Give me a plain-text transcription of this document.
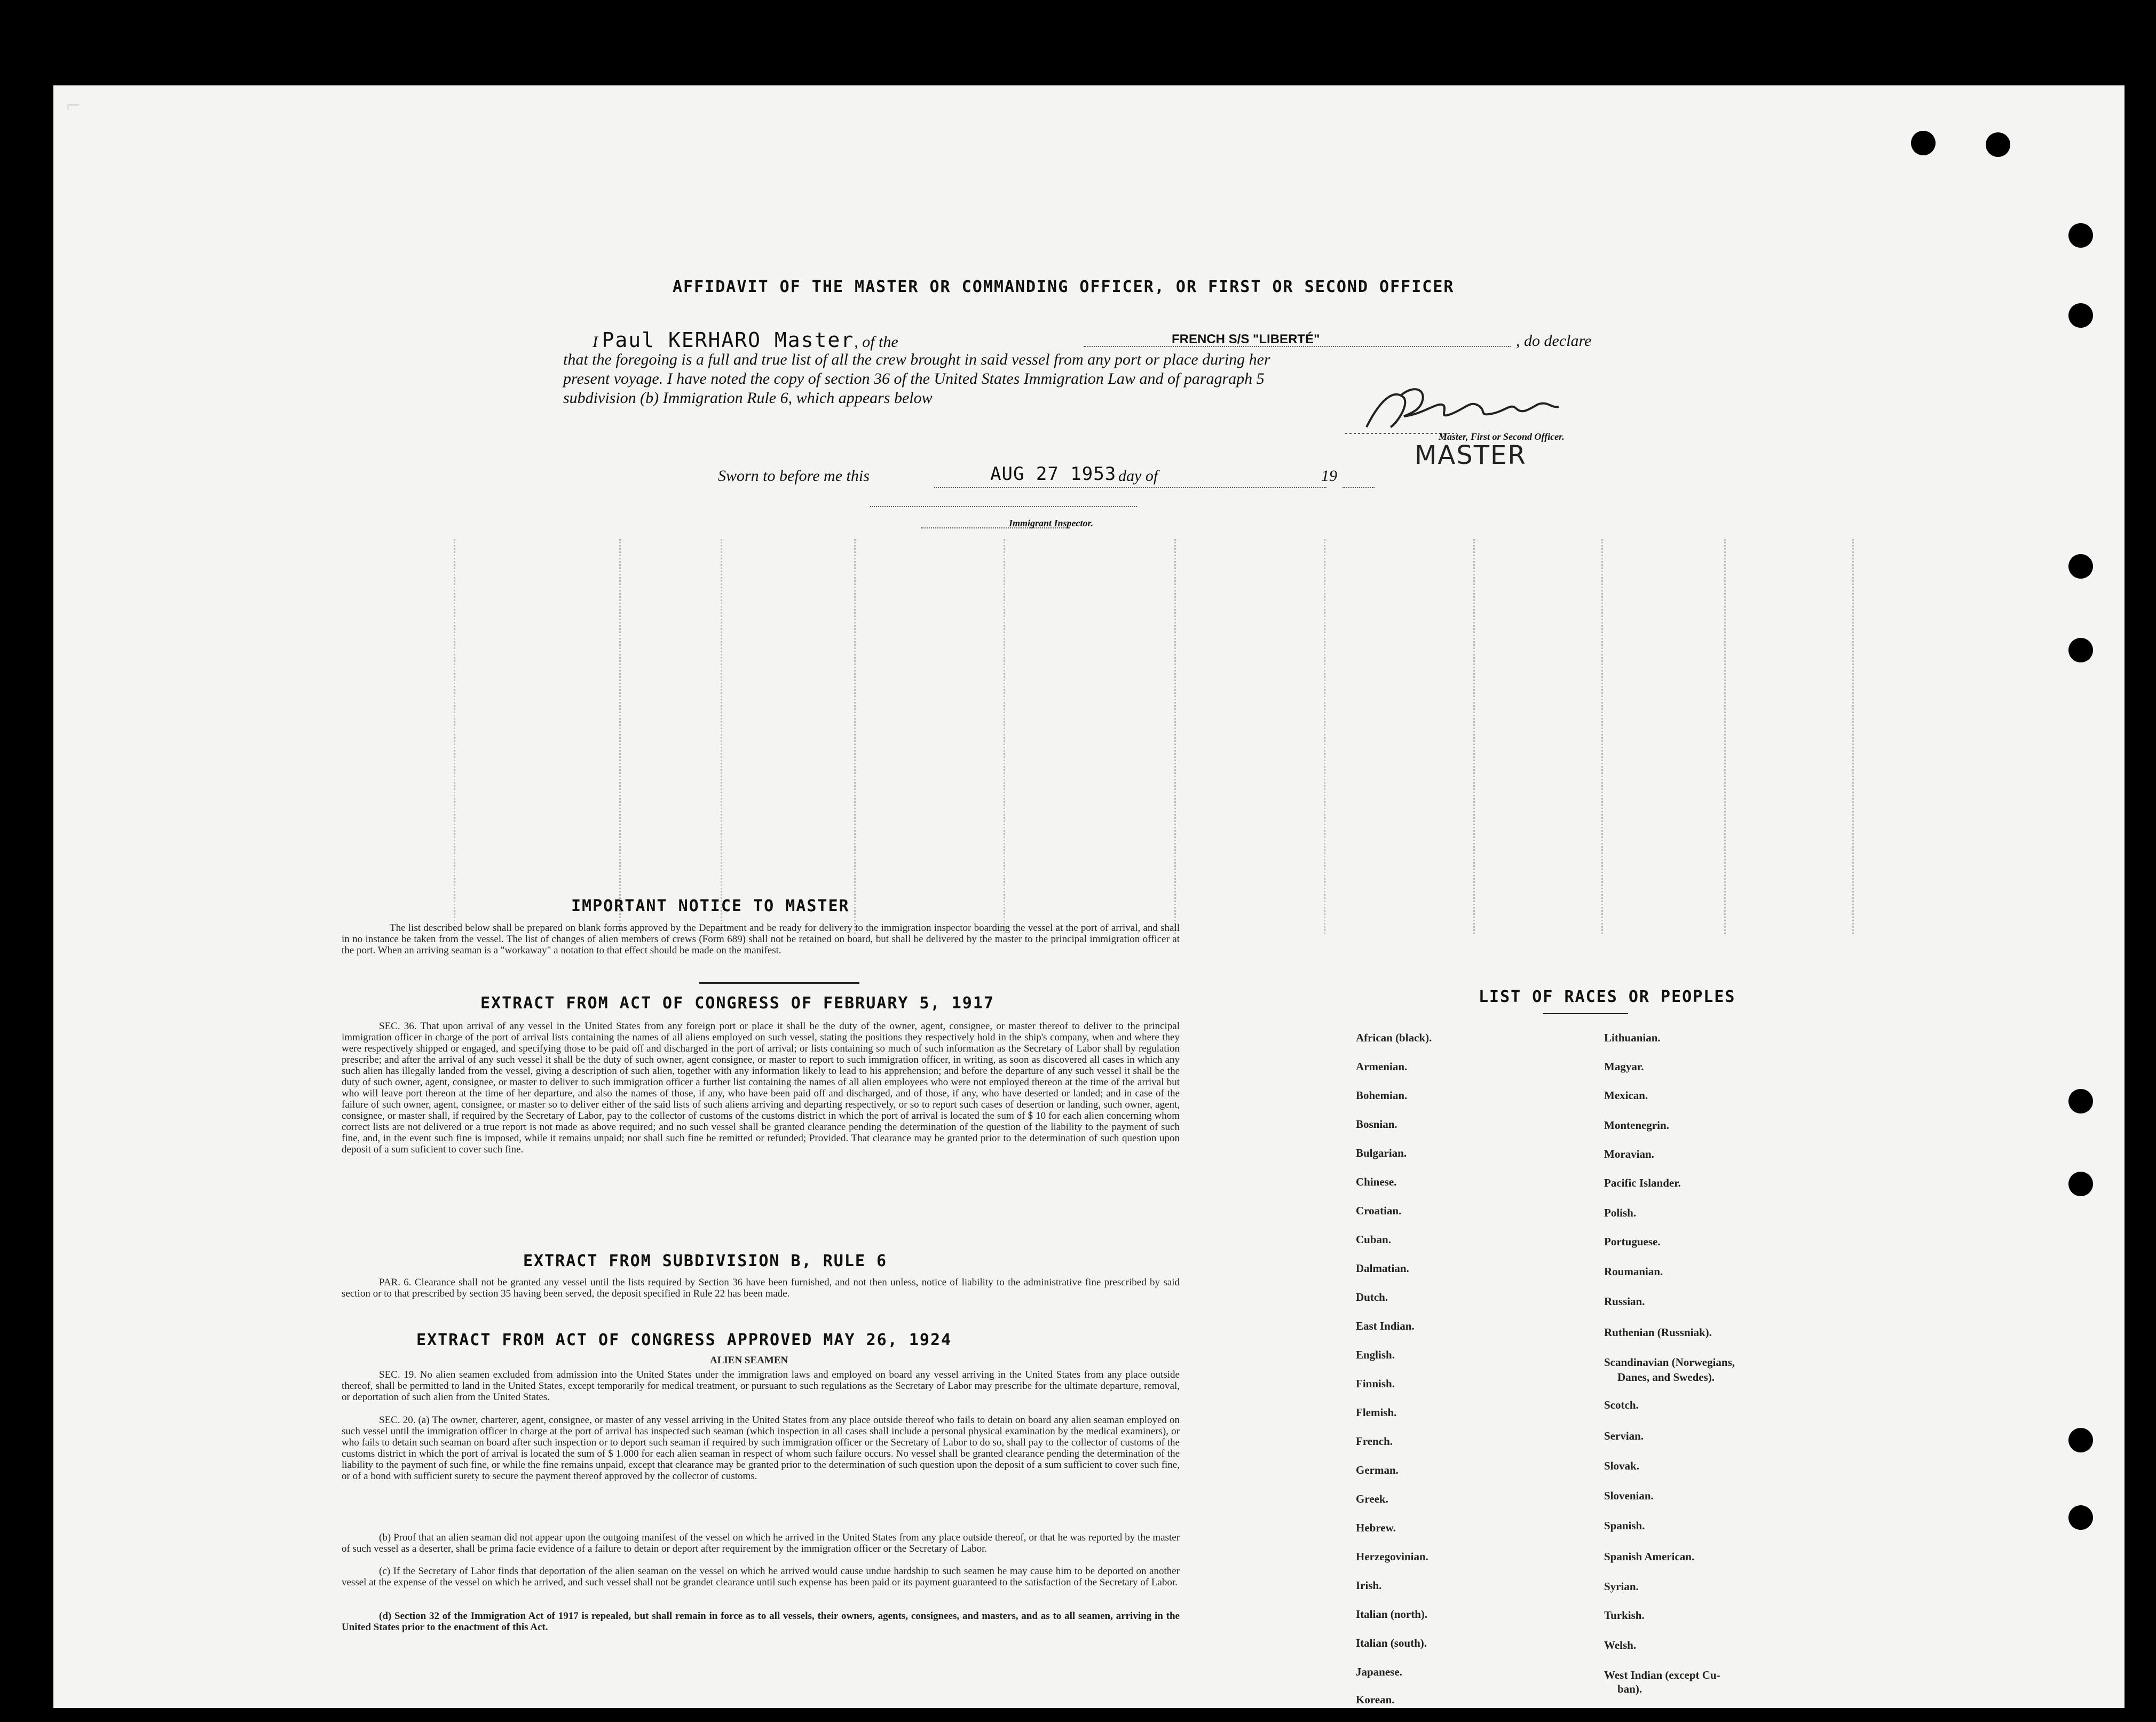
⌐
AFFIDAVIT OF THE MASTER OR COMMANDING OFFICER, OR FIRST OR SECOND OFFICER
I Paul KERHARO Master, of the	FRENCH S/S "LIBERTÉ"	, do declare
that the foregoing is a full and true list of all the crew brought in said vessel from any port or place during her
present voyage. I have noted the copy of section 36 of the United States Immigration Law and of paragraph 5
subdivision (b) Immigration Rule 6, which appears below
Master, First or Second Officer.
MASTER
Sworn to before me this	AUG 27 1953 day of	19
Immigrant Inspector.
IMPORTANT NOTICE TO MASTER
The list described below shall be prepared on blank forms approved by the Department and be ready for delivery to the immigration inspector boarding the vessel at the port of arrival, and shall in no instance be taken from the vessel. The list of changes of alien members of crews (Form 689) shall not be retained on board, but shall be delivered by the master to the principal immigration officer at the port. When an arriving seaman is a "workaway" a notation to that effect should be made on the manifest.
EXTRACT FROM ACT OF CONGRESS OF FEBRUARY 5, 1917
SEC. 36. That upon arrival of any vessel in the United States from any foreign port or place it shall be the duty of the owner, agent, consignee, or master thereof to deliver to the principal immigration officer in charge of the port of arrival lists containing the names of all aliens employed on such vessel, stating the positions they respectively hold in the ship's company, when and where they were respectively shipped or engaged, and specifying those to be paid off and discharged in the port of arrival; or lists containing so much of such information as the Secretary of Labor shall by regulation prescribe; and after the arrival of any such vessel it shall be the duty of such owner, agent consignee, or master to report to such immigration officer, in writing, as soon as discovered all cases in which any such alien has illegally landed from the vessel, giving a description of such alien, together with any information likely to lead to his apprehension; and before the departure of any such vessel it shall be the duty of such owner, agent, consignee, or master to deliver to such immigration officer a further list containing the names of all alien employees who were not employed thereon at the time of the arrival but who will leave port thereon at the time of her departure, and also the names of those, if any, who have been paid off and discharged, and of those, if any, who have deserted or landed; and in case of the failure of such owner, agent, consignee, or master so to deliver either of the said lists of such aliens arriving and departing respectively, or so to report such cases of desertion or landing, such owner, agent, consignee, or master shall, if required by the Secretary of Labor, pay to the collector of customs of the customs district in which the port of arrival is located the sum of $ 10 for each alien concerning whom correct lists are not delivered or a true report is not made as above required; and no such vessel shall be granted clearance pending the determination of the question of the liability to the payment of such fine, and, in the event such fine is imposed, while it remains unpaid; nor shall such fine be remitted or refunded; Provided. That clearance may be granted prior to the determination of such question upon deposit of a sum suficient to cover such fine.
EXTRACT FROM SUBDIVISION B, RULE 6
PAR. 6. Clearance shall not be granted any vessel until the lists required by Section 36 have been furnished, and not then unless, notice of liability to the administrative fine prescribed by said section or to that prescribed by section 35 having been served, the deposit specified in Rule 22 has been made.
EXTRACT FROM ACT OF CONGRESS APPROVED MAY 26, 1924
ALIEN SEAMEN
SEC. 19. No alien seamen excluded from admission into the United States under the immigration laws and employed on board any vessel arriving in the United States from any place outside thereof, shall be permitted to land in the United States, except temporarily for medical treatment, or pursuant to such regulations as the Secretary of Labor may prescribe for the ultimate departure, removal, or deportation of such alien from the United States.
SEC. 20. (a) The owner, charterer, agent, consignee, or master of any vessel arriving in the United States from any place outside thereof who fails to detain on board any alien seaman employed on such vessel until the immigration officer in charge at the port of arrival has inspected such seaman (which inspection in all cases shall include a personal physical examination by the medical examiners), or who fails to detain such seaman on board after such inspection or to deport such seaman if required by such immigration officer or the Secretary of Labor to do so, shall pay to the collector of customs of the customs district in which the port of arrival is located the sum of $ 1.000 for each alien seaman in respect of whom such failure occurs. No vessel shall be granted clearance pending the determination of the liability to the payment of such fine, or while the fine remains unpaid, except that clearance may be granted prior to the determination of such question upon the deposit of a sum sufficient to cover such fine, or of a bond with sufficient surety to secure the payment thereof approved by the collector of customs.
(b) Proof that an alien seaman did not appear upon the outgoing manifest of the vessel on which he arrived in the United States from any place outside thereof, or that he was reported by the master of such vessel as a deserter, shall be prima facie evidence of a failure to detain or deport after requirement by the immigration officer or the Secretary of Labor.
(c) If the Secretary of Labor finds that deportation of the alien seaman on the vessel on which he arrived would cause undue hardship to such seamen he may cause him to be deported on another vessel at the expense of the vessel on which he arrived, and such vessel shall not be grandet clearance until such expense has been paid or its payment guaranteed to the satisfaction of the Secretary of Labor.
(d) Section 32 of the Immigration Act of 1917 is repealed, but shall remain in force as to all vessels, their owners, agents, consignees, and masters, and as to all seamen, arriving in the United States prior to the enactment of this Act.
LIST OF RACES OR PEOPLES
African (black).
Armenian.
Bohemian.
Bosnian.
Bulgarian.
Chinese.
Croatian.
Cuban.
Dalmatian.
Dutch.
East Indian.
English.
Finnish.
Flemish.
French.
German.
Greek.
Hebrew.
Herzegovinian.
Irish.
Italian (north).
Italian (south).
Japanese.
Korean.
Lithuanian.
Magyar.
Mexican.
Montenegrin.
Moravian.
Pacific Islander.
Polish.
Portuguese.
Roumanian.
Russian.
Ruthenian (Russniak).
Scandinavian (Norwegians,
Danes, and Swedes).
Scotch.
Servian.
Slovak.
Slovenian.
Spanish.
Spanish American.
Syrian.
Turkish.
Welsh.
West Indian (except Cu-
ban).
